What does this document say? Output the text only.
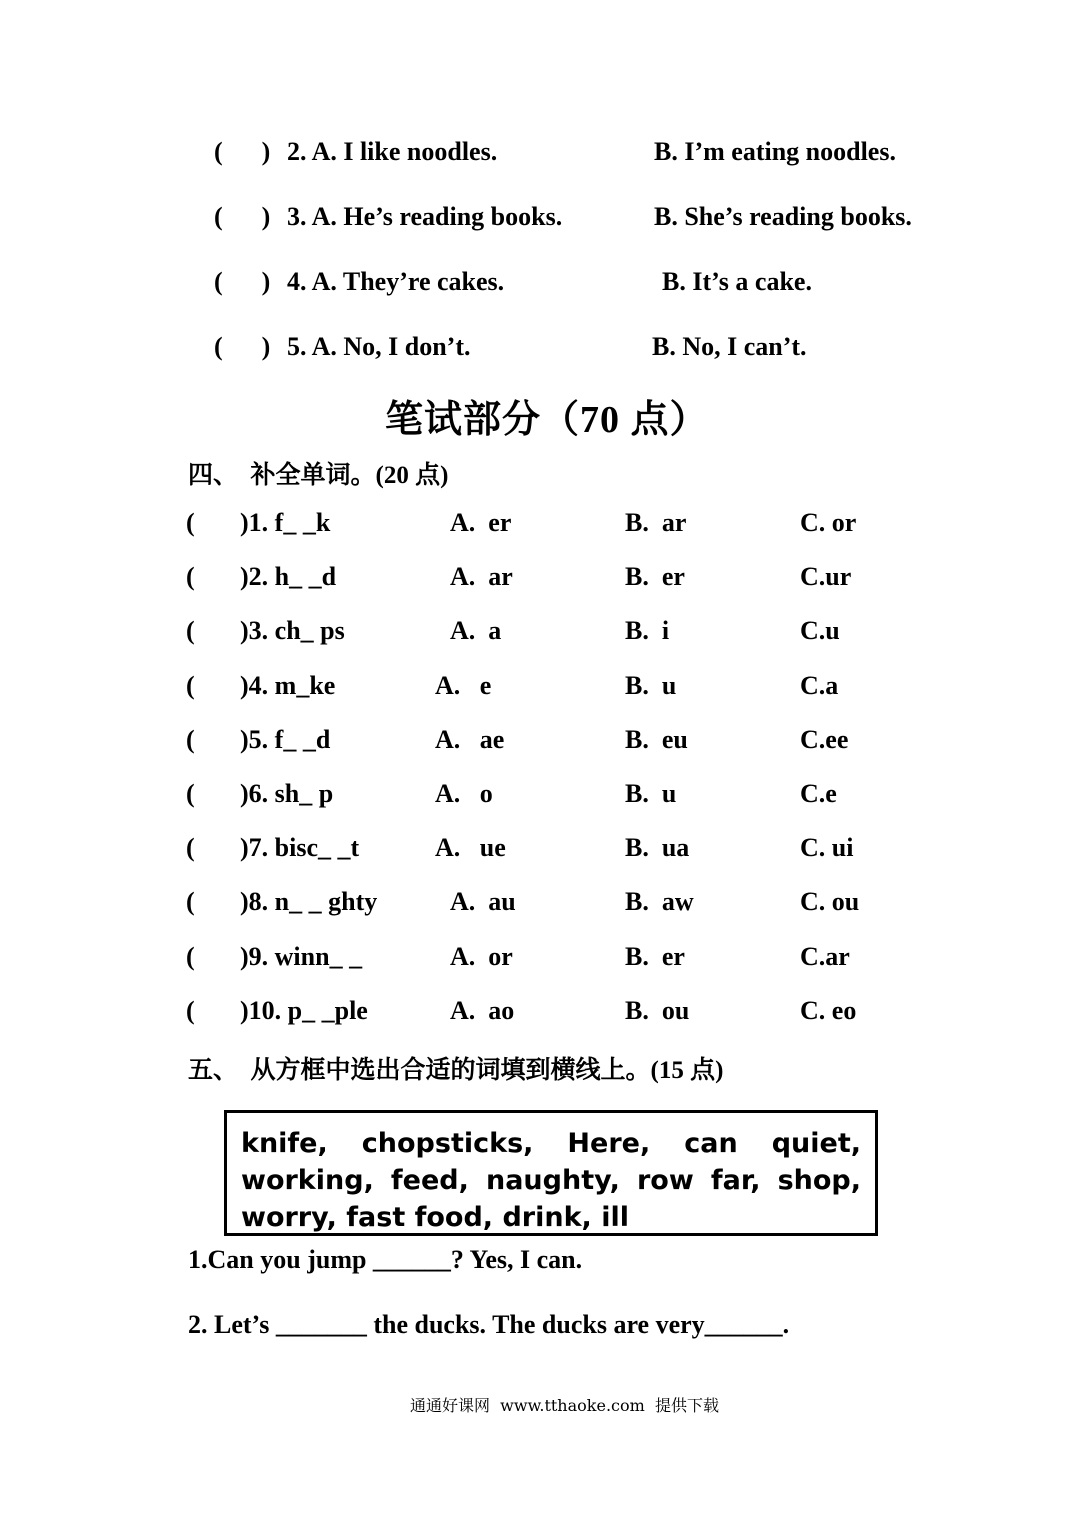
(      ) 2. A. I like noodles.	B. I’m eating noodles.
(      ) 3. A. He’s reading books.	B. She’s reading books.
(      ) 4. A. They’re cakes.	B. It’s a cake.
(      ) 5. A. No, I don’t.	B. No, I can’t.
笔试部分（70 点）
四、  补全单词。(20 点)
( )1. f_ _k	A.  er	B.  ar	C. or
( )2. h_ _d	A.  ar	B.  er	C.ur
( )3. ch_ ps	A.  a	B.  i	C.u
( )4. m_ke	A.   e	B.  u	C.a
( )5. f_ _d	A.   ae	B.  eu	C.ee
( )6. sh_ p	A.   o	B.  u	C.e
( )7. bisc_ _t	A.   ue	B.  ua	C. ui
( )8. n_ _ ghty	A.  au	B.  aw	C. ou
( )9. winn_ _	A.  or	B.  er	C.ar
( )10. p_ _ple	A.  ao	B.  ou	C. eo
五、  从方框中选出合适的词填到横线上。(15 点)
knife, chopsticks, Here, can quiet,
working, feed, naughty, row far, shop,
worry, fast food, drink, ill
1.Can you jump ______? Yes, I can.
2. Let’s _______ the ducks. The ducks are very______.
通通好课网  www.tthaoke.com  提供下载
